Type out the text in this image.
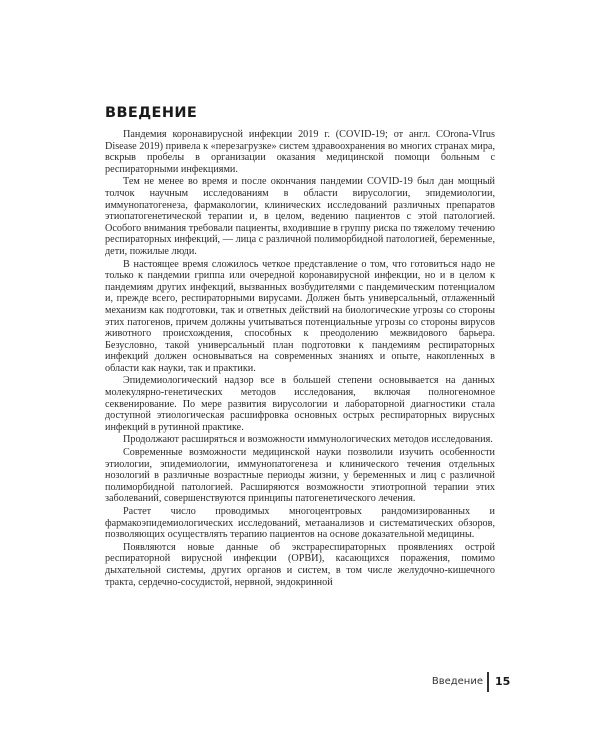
ВВЕДЕНИЕ

Пандемия коронавирусной инфекции 2019 г. (COVID-19; от англ. COrona-VIrus Disease 2019) привела к «перезагрузке» систем здравоохранения во многих странах мира, вскрыв пробелы в организации оказания медицинской помощи больным с респираторными инфекциями.

Тем не менее во время и после окончания пандемии COVID-19 был дан мощный толчок научным исследованиям в области вирусологии, эпидемиологии, иммунопатогенеза, фармакологии, клинических исследований различных препаратов этиопатогенетической терапии и, в целом, ведению пациентов с этой патологией. Особого внимания требовали пациенты, входившие в группу риска по тяжелому течению респираторных инфекций, — лица с различной полиморбидной патологией, беременные, дети, пожилые люди.

В настоящее время сложилось четкое представление о том, что готовиться надо не только к пандемии гриппа или очередной коронавирусной инфекции, но и в целом к пандемиям других инфекций, вызванных возбудителями с пандемическим потенциалом и, прежде всего, респираторными вирусами. Должен быть универсальный, отлаженный механизм как подготовки, так и ответных действий на биологические угрозы со стороны этих патогенов, причем должны учитываться потенциальные угрозы со стороны вирусов животного происхождения, способных к преодолению межвидового барьера. Безусловно, такой универсальный план подготовки к пандемиям респираторных инфекций должен основываться на современных знаниях и опыте, накопленных в области как науки, так и практики.

Эпидемиологический надзор все в большей степени основывается на данных молекулярно-генетических методов исследования, включая полногеномное секвенирование. По мере развития вирусологии и лабораторной диагностики стала доступной этиологическая расшифровка основных острых респираторных вирусных инфекций в рутинной практике.

Продолжают расширяться и возможности иммунологических методов исследования.

Современные возможности медицинской науки позволили изучить особенности этиологии, эпидемиологии, иммунопатогенеза и клинического течения отдельных нозологий в различные возрастные периоды жизни, у беременных и лиц с различной полиморбидной патологией. Расширяются возможности этиотропной терапии этих заболеваний, совершенствуются принципы патогенетического лечения.

Растет число проводимых многоцентровых рандомизированных и фармакоэпидемиологических исследований, метаанализов и систематических обзоров, позволяющих осуществлять терапию пациентов на основе доказательной медицины.

Появляются новые данные об экстрареспираторных проявлениях острой респираторной вирусной инфекции (ОРВИ), касающихся поражения, помимо дыхательной системы, других органов и систем, в том числе желудочно-кишечного тракта, сердечно-сосудистой, нервной, эндокринной

Введение 15
